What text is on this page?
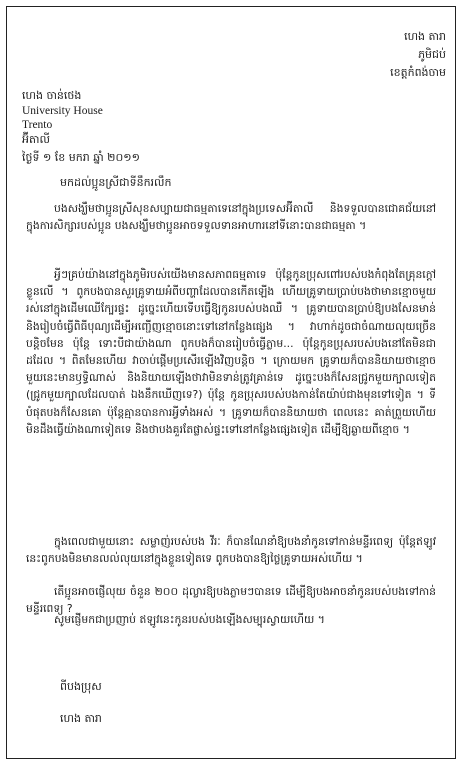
ហេង តារា
ភូមិជប់
ខេត្តកំពង់ចាម
ហេង ចាន់ថេង
University House
Trento
អ៊ីតាលី
ថ្ងៃទី ១ ខែ មករា ឆ្នាំ ២០១១
មកដល់ប្អូនស្រីជាទីនឹករលឹក
បងសង្ឃឹមថាប្អូនស្រីសុខសប្បាយជាធម្មតាទេនៅក្នុងប្រទេសអ៊ីតាលី និងទទួលបានជោគជ័យនៅក្នុងការសិក្សារបស់ប្អូន បងសង្ឃឹមថាប្អូនអាចទទួលទានអាហារនៅទីនោះបានជាធម្មតា ។
អ្វីៗគ្រប់យ៉ាងនៅក្នុងភូមិរបស់យើងមានសភាពធម្មតាទេ ប៉ុន្តែកូនប្រុសពៅរបស់បងកំពុងតែគ្រុនក្ដៅខ្លួនលើ ។ ពូកបងបានសួរគ្រូទាយអំពីបញ្ហាដែលបានកើតឡើង ហើយគ្រូទាយប្រាប់បងថាមានខ្មោចមួយរស់នៅក្នុងដើមឈើក្បែរផ្ទះ ដូច្នេះហើយទើបធ្វើឱ្យកូនរបស់បងឈឺ ។ គ្រូទាយបានប្រាប់ឱ្យបងសែនមាន់ និងរៀបចំធ្វើពិធីបុណ្យដើម្បីអញ្ជើញខ្មោចនោះទៅនៅកន្លែងផ្សេង ។ វាហាក់ដូចជាចំណាយលុយច្រើនបន្តិចមែន ប៉ុន្តែ ទោះបីជាយ៉ាងណា ពូកបងក៏បានរៀបចំធ្វើភ្លាម... ប៉ុន្តែកូនប្រុសរបស់បងនៅតែមិនជាដដែល ។ ពិតមែនហើយ វាចាប់ផ្ដើមប្រសើរឡើងវិញបន្តិច ។ ក្រោយមក គ្រូទាយក៏បាននិយាយថាខ្មោចមួយនេះមានឫទ្ធិណាស់ និងនិយាយឡើងថាវាមិនទាន់ត្រូវគ្រាន់ទេ ដូច្នេះបងក៏សែនជ្រូកមួយក្បាលទៀត (ជ្រូកមួយក្បាលដែលបាត់ ឯងនឹកឃើញទេ?) ប៉ុន្តែ កូនប្រុសរបស់បងកាន់តែយ៉ាប់ជាងមុនទៅទៀត ។ ទីបំផុតបងក៏សែនគោ ប៉ុន្តែគ្មានបានការអ្វីទាំងអស់ ។ គ្រូទាយក៏បាននិយាយថា ពេលនេះ គាត់ព្រួយហើយមិនដឹងធ្វើយ៉ាងណាទៀតទេ និងថាបងគួរតែផ្លាស់ផ្ទះទៅនៅកន្លែងផ្សេងទៀត ដើម្បីឱ្យឆ្ងាយពីខ្មោច ។
ក្នុងពេលជាមួយនោះ សម្លាញ់របស់បង វីរៈ ក៏បានណែនាំឱ្យបងនាំកូនទៅកាន់មន្ទីរពេទ្យ ប៉ុន្តែឥឡូវនេះពូកបងមិនមានលល់លុយនៅក្នុងខ្លួនទៀតទេ ពូកបងបានឱ្យថ្លៃគ្រូទាយអស់ហើយ ។
តើប្អូនអាចផ្ញើលុយ ចំនួន ២០០ ដុល្លារឱ្យបងភ្លាមៗបានទេ ដើម្បីឱ្យបងអាចនាំកូនរបស់បងទៅកាន់មន្ទីរពេទ្យ ?
សូមផ្ញើមកជាប្រញាប់ ឥឡូវនេះកូនរបស់បងឡើងសម្បុរស្វាយហើយ ។
ពីបងប្រុស
ហេង តារា
